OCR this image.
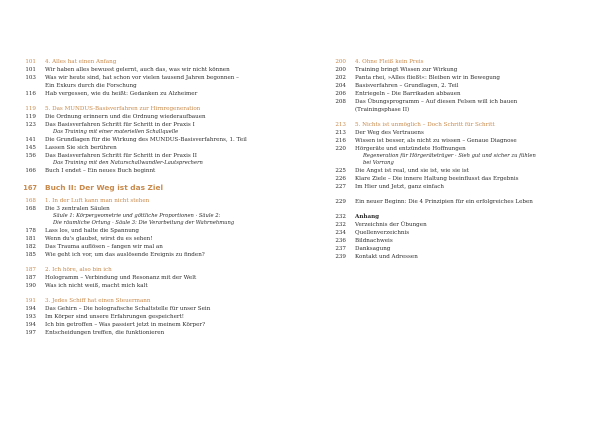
101	4. Alles hat einen Anfang
101	Wir haben alles bewusst gelernt, auch das, was wir nicht können
103	Was wir heute sind, hat schon vor vielen tausend Jahren begonnen –
Ein Exkurs durch die Forschung
116	Hab vergessen, wie du heißt: Gedanken zu Alzheimer
119	5. Das MUNDUS-Basisverfahren zur Hirnregeneration
119	Die Ordnung erinnern und die Ordnung wiederaufbauen
123	Das Basisverfahren Schritt für Schritt in der Praxis I
Das Training mit einer materiellen Schallquelle
141	Die Grundlagen für die Wirkung des MUNDUS-Basisverfahrens, 1. Teil
145	Lassen Sie sich berühren
156	Das Basisverfahren Schritt für Schritt in der Praxis II
Das Training mit den Naturschallwandler-Lautsprechern
166	Buch I endet – Ein neues Buch beginnt
167	Buch II: Der Weg ist das Ziel
168	1. In der Luft kann man nicht stehen
168	Die 3 zentralen Säulen
Säule 1: Körpergeometrie und göttliche Proportionen · Säule 2:
Die räumliche Ortung · Säule 3: Die Verarbeitung der Wahrnehmung
178	Lass los, und halte die Spannung
181	Wenn du's glaubst, wirst du es sehen!
182	Das Trauma auflösen – fangen wir mal an
185	Wie geht ich vor, um das auslösende Ereignis zu finden?
187	2. Ich höre, also bin ich
187	Hologramm – Verbindung und Resonanz mit der Welt
190	Was ich nicht weiß, macht mich kalt
191	3. Jedes Schiff hat einen Steuermann
194	Das Gehirn – Die holografische Schaltstelle für unser Sein
193	Im Körper sind unsere Erfahrungen gespeichert!
194	Ich bin getroffen – Was passiert jetzt in meinem Körper?
197	Entscheidungen treffen, die funktionieren
200	4. Ohne Fleiß kein Preis
200	Training bringt Wissen zur Wirkung
202	Panta rhei, »Alles fließt«: Bleiben wir in Bewegung
204	Basisverfahren – Grundlagen, 2. Teil
206	Entriegeln – Die Barrikaden abbauen
208	Das Übungsprogramm – Auf diesen Felsen will ich bauen
(Trainingsphase II)
213	5. Nichts ist unmöglich – Doch Schritt für Schritt
213	Der Weg des Vertrauens
216	Wissen ist besser, als nicht zu wissen – Genaue Diagnose
220	Hörgeräte und entzündete Hoffnungen
Regeneration für Hörgeräteträger · Sieh gut und sicher zu fühlen
bei Vorrang
225	Die Angst ist real, und sie ist, wie sie ist
226	Klare Ziele – Die innere Haltung beeinflusst das Ergebnis
227	Im Hier und Jetzt, ganz einfach
229	Ein neuer Beginn: Die 4 Prinzipien für ein erfolgreiches Leben
232	Anhang
232	Verzeichnis der Übungen
234	Quellenverzeichnis
236	Bildnachweis
237	Danksagung
239	Kontakt und Adressen
